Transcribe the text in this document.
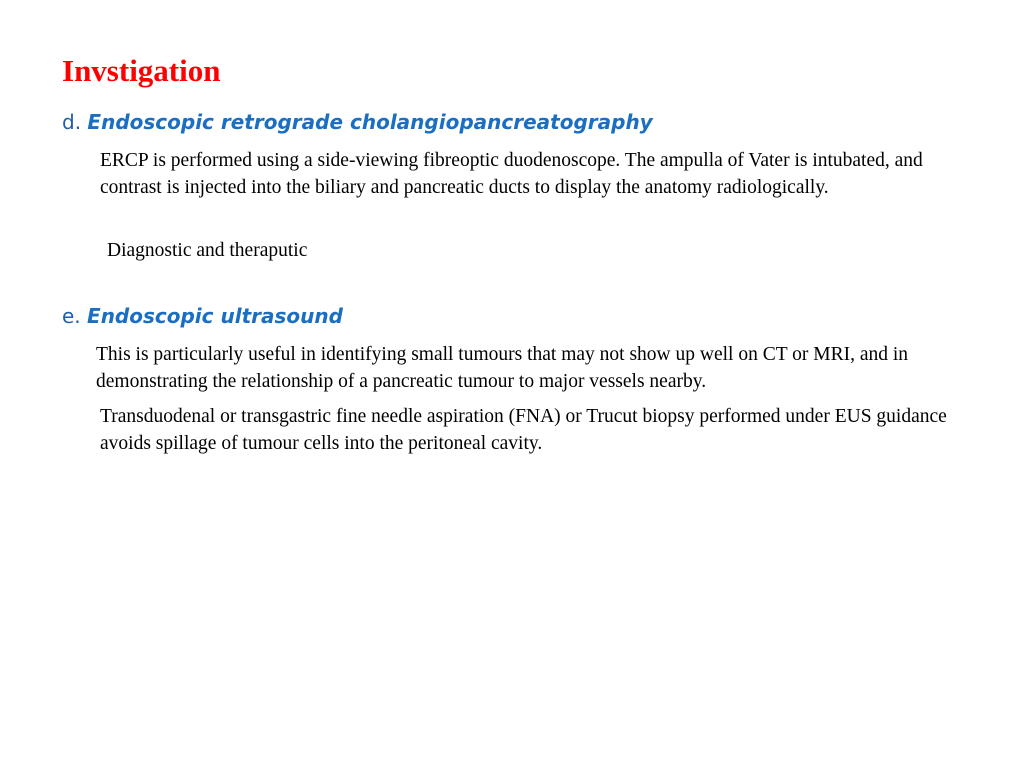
Invstigation
d. Endoscopic retrograde cholangiopancreatography

ERCP is performed using a side-viewing fibreoptic duodenoscope. The ampulla of Vater is intubated, and contrast is injected into the biliary and pancreatic ducts to display the anatomy radiologically.

Diagnostic and theraputic

e. Endoscopic ultrasound

This is particularly useful in identifying small tumours that may not show up well on CT or MRI, and in demonstrating the relationship of a pancreatic tumour to major vessels nearby.

Transduodenal or transgastric fine needle aspiration (FNA) or Trucut biopsy performed under EUS guidance avoids spillage of tumour cells into the peritoneal cavity.
